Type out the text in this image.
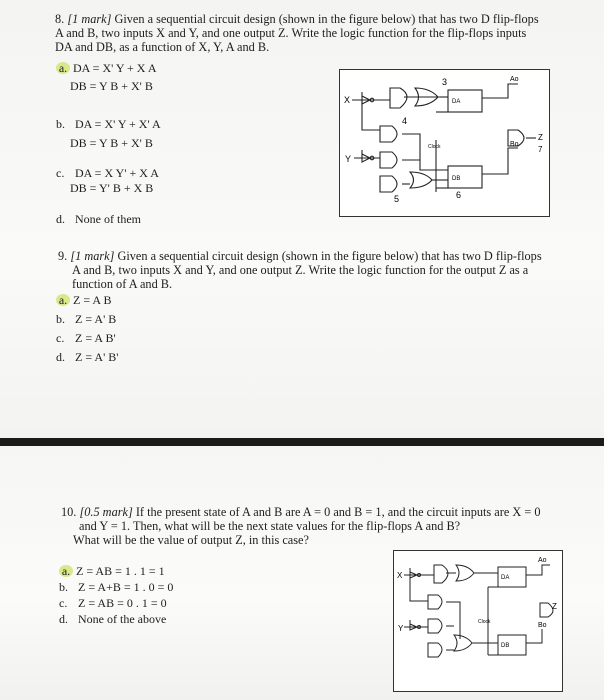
8. [1 mark] Given a sequential circuit design (shown in the figure below) that has two D flip-flops
A and B, two inputs X and Y, and one output Z. Write the logic function for the flip-flops inputs
DA and DB, as a function of X, Y, A and B.
a. DA = X' Y + X A
DB = Y B + X' B
b. DA = X' Y + X' A
DB = Y B + X' B
c. DA = X Y' + X A
DB = Y' B + X B
d. None of them
X
Y
DA
DB
Clock
Ao
Bo
Z
3
4
5	6
7
9. [1 mark] Given a sequential circuit design (shown in the figure below) that has two D flip-flops
A and B, two inputs X and Y, and one output Z. Write the logic function for the output Z as a
function of A and B.
a. Z = A B
b. Z = A' B
c. Z = A B'
d. Z = A' B'
10. [0.5 mark] If the present state of A and B are A = 0 and B = 1, and the circuit inputs are X = 0
and Y = 1. Then, what will be the next state values for the flip-flops A and B?
What will be the value of output Z, in this case?
a. Z = AB = 1 . 1 = 1
b. Z = A+B = 1 . 0 = 0
c. Z = AB = 0 . 1 = 0
d. None of the above
X
Y
DA
DB
Clock
Ao
Bo
Z
